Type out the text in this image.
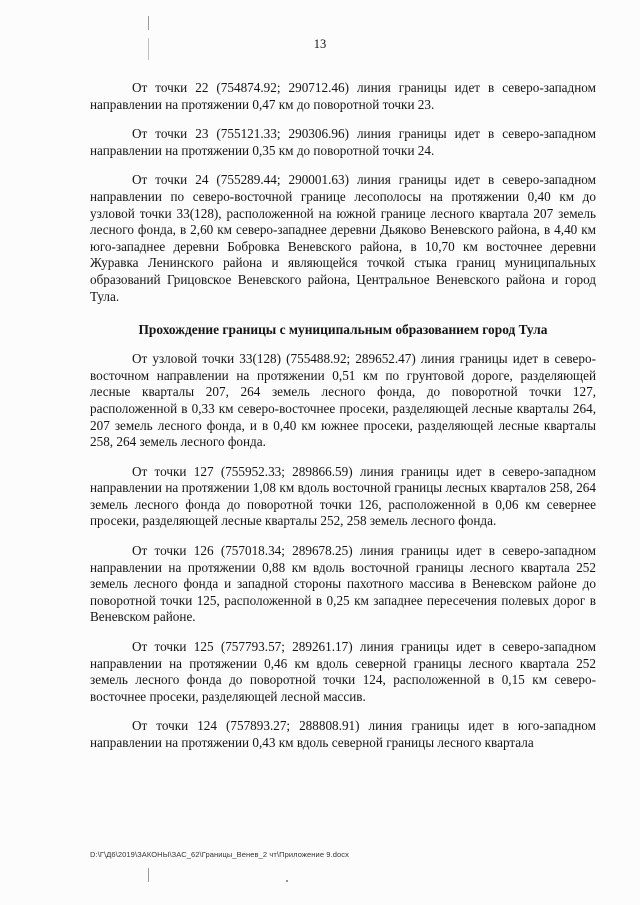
13

От точки 22 (754874.92; 290712.46) линия границы идет в северо-западном направлении на протяжении 0,47 км до поворотной точки 23.

От точки 23 (755121.33; 290306.96) линия границы идет в северо-западном направлении на протяжении 0,35 км до поворотной точки 24.

От точки 24 (755289.44; 290001.63) линия границы идет в северо-западном направлении по северо-восточной границе лесополосы на протяжении 0,40 км до узловой точки 33(128), расположенной на южной границе лесного квартала 207 земель лесного фонда, в 2,60 км северо-западнее деревни Дьяково Веневского района, в 4,40 км юго-западнее деревни Бобровка Веневского района, в 10,70 км восточнее деревни Журавка Ленинского района и являющейся точкой стыка границ муниципальных образований Грицовское Веневского района, Центральное Веневского района и город Тула.

Прохождение границы с муниципальным образованием город Тула

От узловой точки 33(128) (755488.92; 289652.47) линия границы идет в северо-восточном направлении на протяжении 0,51 км по грунтовой дороге, разделяющей лесные кварталы 207, 264 земель лесного фонда, до поворотной точки 127, расположенной в 0,33 км северо-восточнее просеки, разделяющей лесные кварталы 264, 207 земель лесного фонда, и в 0,40 км южнее просеки, разделяющей лесные кварталы 258, 264 земель лесного фонда.

От точки 127 (755952.33; 289866.59) линия границы идет в северо-западном направлении на протяжении 1,08 км вдоль восточной границы лесных кварталов 258, 264 земель лесного фонда до поворотной точки 126, расположенной в 0,06 км севернее просеки, разделяющей лесные кварталы 252, 258 земель лесного фонда.

От точки 126 (757018.34; 289678.25) линия границы идет в северо-западном направлении на протяжении 0,88 км вдоль восточной границы лесного квартала 252 земель лесного фонда и западной стороны пахотного массива в Веневском районе до поворотной точки 125, расположенной в 0,25 км западнее пересечения полевых дорог в Веневском районе.

От точки 125 (757793.57; 289261.17) линия границы идет в северо-западном направлении на протяжении 0,46 км вдоль северной границы лесного квартала 252 земель лесного фонда до поворотной точки 124, расположенной в 0,15 км северо-восточнее просеки, разделяющей лесной массив.

От точки 124 (757893.27; 288808.91) линия границы идет в юго-западном направлении на протяжении 0,43 км вдоль северной границы лесного квартала

D:\Г\Д6\2019\ЗАКОНЫ\ЗАС_62\Границы_Венев_2 чт\Приложение 9.docx
